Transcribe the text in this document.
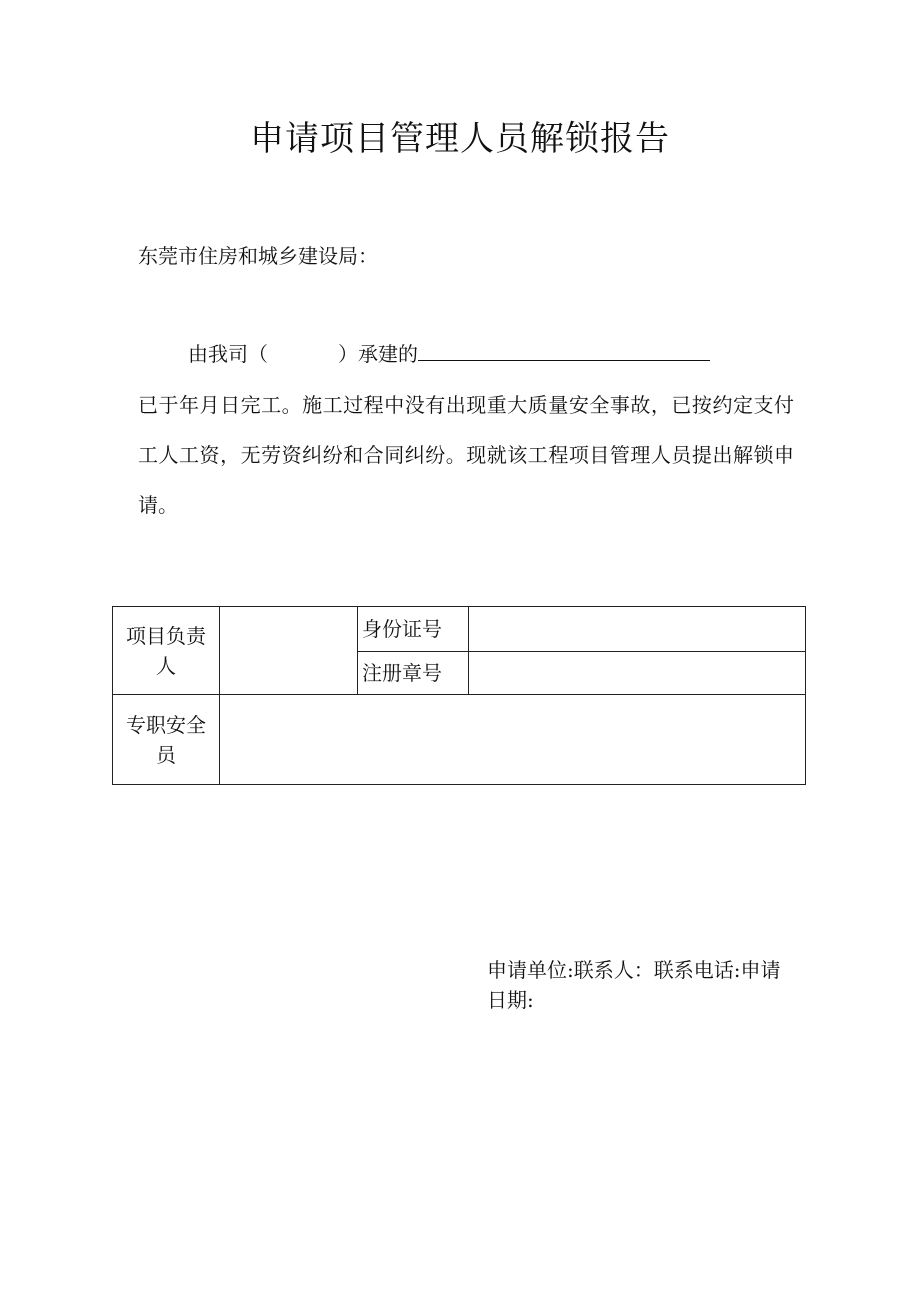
申请项目管理人员解锁报告
东莞市住房和城乡建设局：
由我司（	）承建的
已于年月日完工。施工过程中没有出现重大质量安全事故，已按约定支付工人工资，无劳资纠纷和合同纠纷。现就该工程项目管理人员提出解锁申请。
项目负责人		身份证号	
		注册章号	
专职安全员			
申请单位:联系人：联系电话:申请日期:
